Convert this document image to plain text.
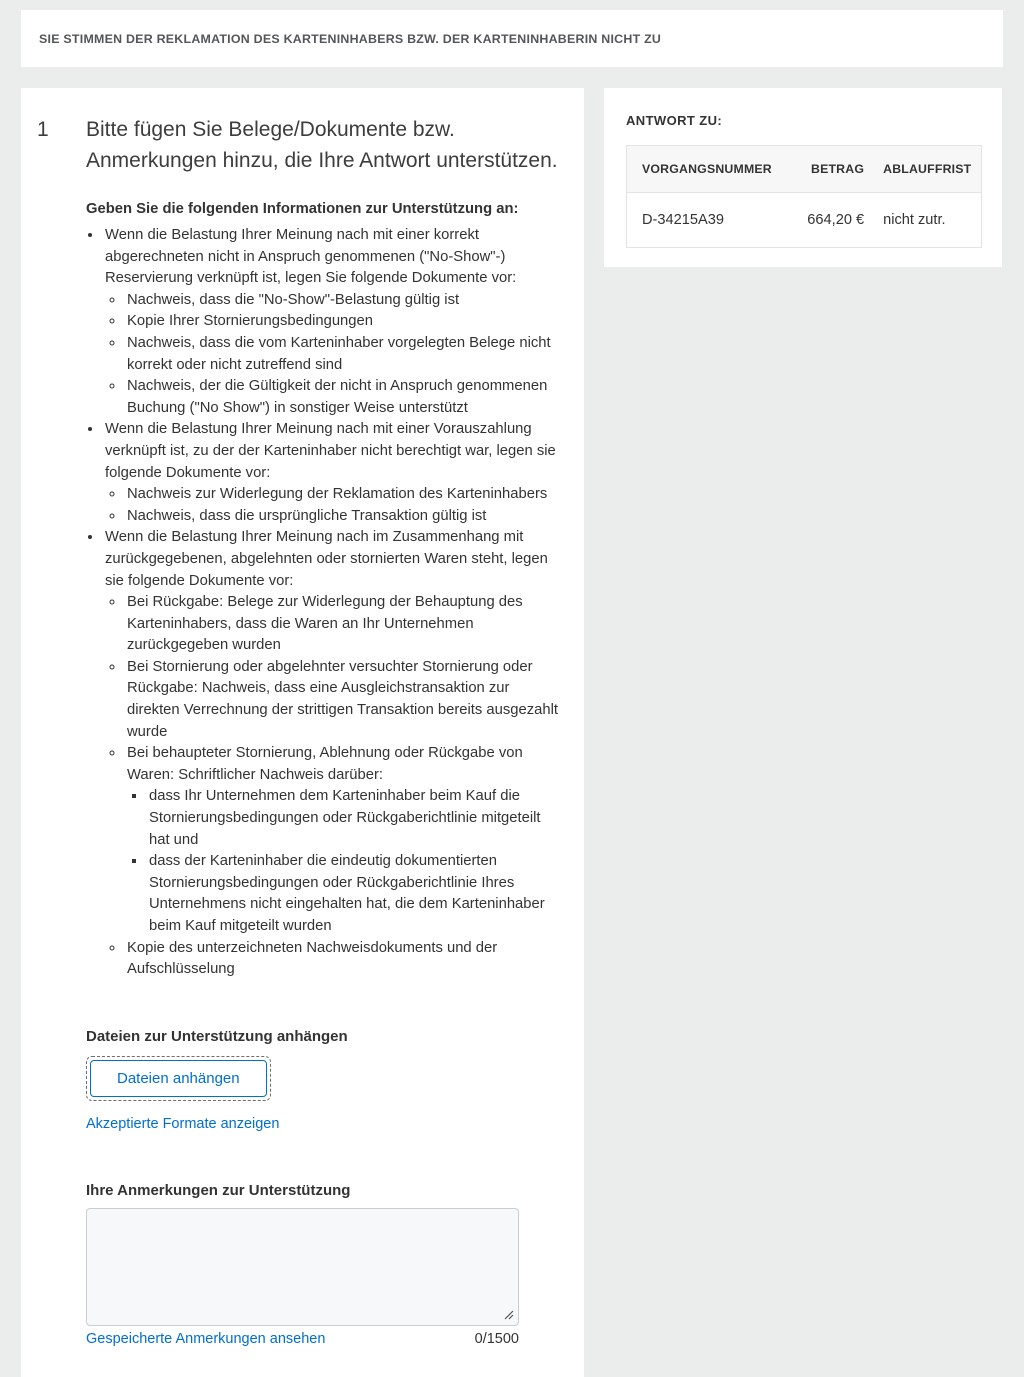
SIE STIMMEN DER REKLAMATION DES KARTENINHABERS BZW. DER KARTENINHABERIN NICHT ZU
1	Bitte fügen Sie Belege/Dokumente bzw. Anmerkungen hinzu, die Ihre Antwort unterstützen.

Geben Sie die folgenden Informationen zur Unterstützung an:

• Wenn die Belastung Ihrer Meinung nach mit einer korrekt abgerechneten nicht in Anspruch genommenen ("No-Show"-) Reservierung verknüpft ist, legen Sie folgende Dokumente vor:
◦ Nachweis, dass die "No-Show"-Belastung gültig ist
◦ Kopie Ihrer Stornierungsbedingungen
◦ Nachweis, dass die vom Karteninhaber vorgelegten Belege nicht korrekt oder nicht zutreffend sind
◦ Nachweis, der die Gültigkeit der nicht in Anspruch genommenen Buchung ("No Show") in sonstiger Weise unterstützt
• Wenn die Belastung Ihrer Meinung nach mit einer Vorauszahlung verknüpft ist, zu der der Karteninhaber nicht berechtigt war, legen sie folgende Dokumente vor:
◦ Nachweis zur Widerlegung der Reklamation des Karteninhabers
◦ Nachweis, dass die ursprüngliche Transaktion gültig ist
• Wenn die Belastung Ihrer Meinung nach im Zusammenhang mit zurückgegebenen, abgelehnten oder stornierten Waren steht, legen sie folgende Dokumente vor:
◦ Bei Rückgabe: Belege zur Widerlegung der Behauptung des Karteninhabers, dass die Waren an Ihr Unternehmen zurückgegeben wurden
◦ Bei Stornierung oder abgelehnter versuchter Stornierung oder Rückgabe: Nachweis, dass eine Ausgleichstransaktion zur direkten Verrechnung der strittigen Transaktion bereits ausgezahlt wurde
◦ Bei behaupteter Stornierung, Ablehnung oder Rückgabe von Waren: Schriftlicher Nachweis darüber:
▪ dass Ihr Unternehmen dem Karteninhaber beim Kauf die Stornierungsbedingungen oder Rückgaberichtlinie mitgeteilt hat und
▪ dass der Karteninhaber die eindeutig dokumentierten Stornierungsbedingungen oder Rückgaberichtlinie Ihres Unternehmens nicht eingehalten hat, die dem Karteninhaber beim Kauf mitgeteilt wurden
◦ Kopie des unterzeichneten Nachweisdokuments und der Aufschlüsselung
Dateien zur Unterstützung anhängen
Dateien anhängen

Akzeptierte Formate anzeigen
Ihre Anmerkungen zur Unterstützung
Gespeicherte Anmerkungen ansehen	0/1500
ANTWORT ZU:
VORGANGSNUMMER	BETRAG	ABLAUFFRIST
D-34215A39	664,20 €	nicht zutr.
